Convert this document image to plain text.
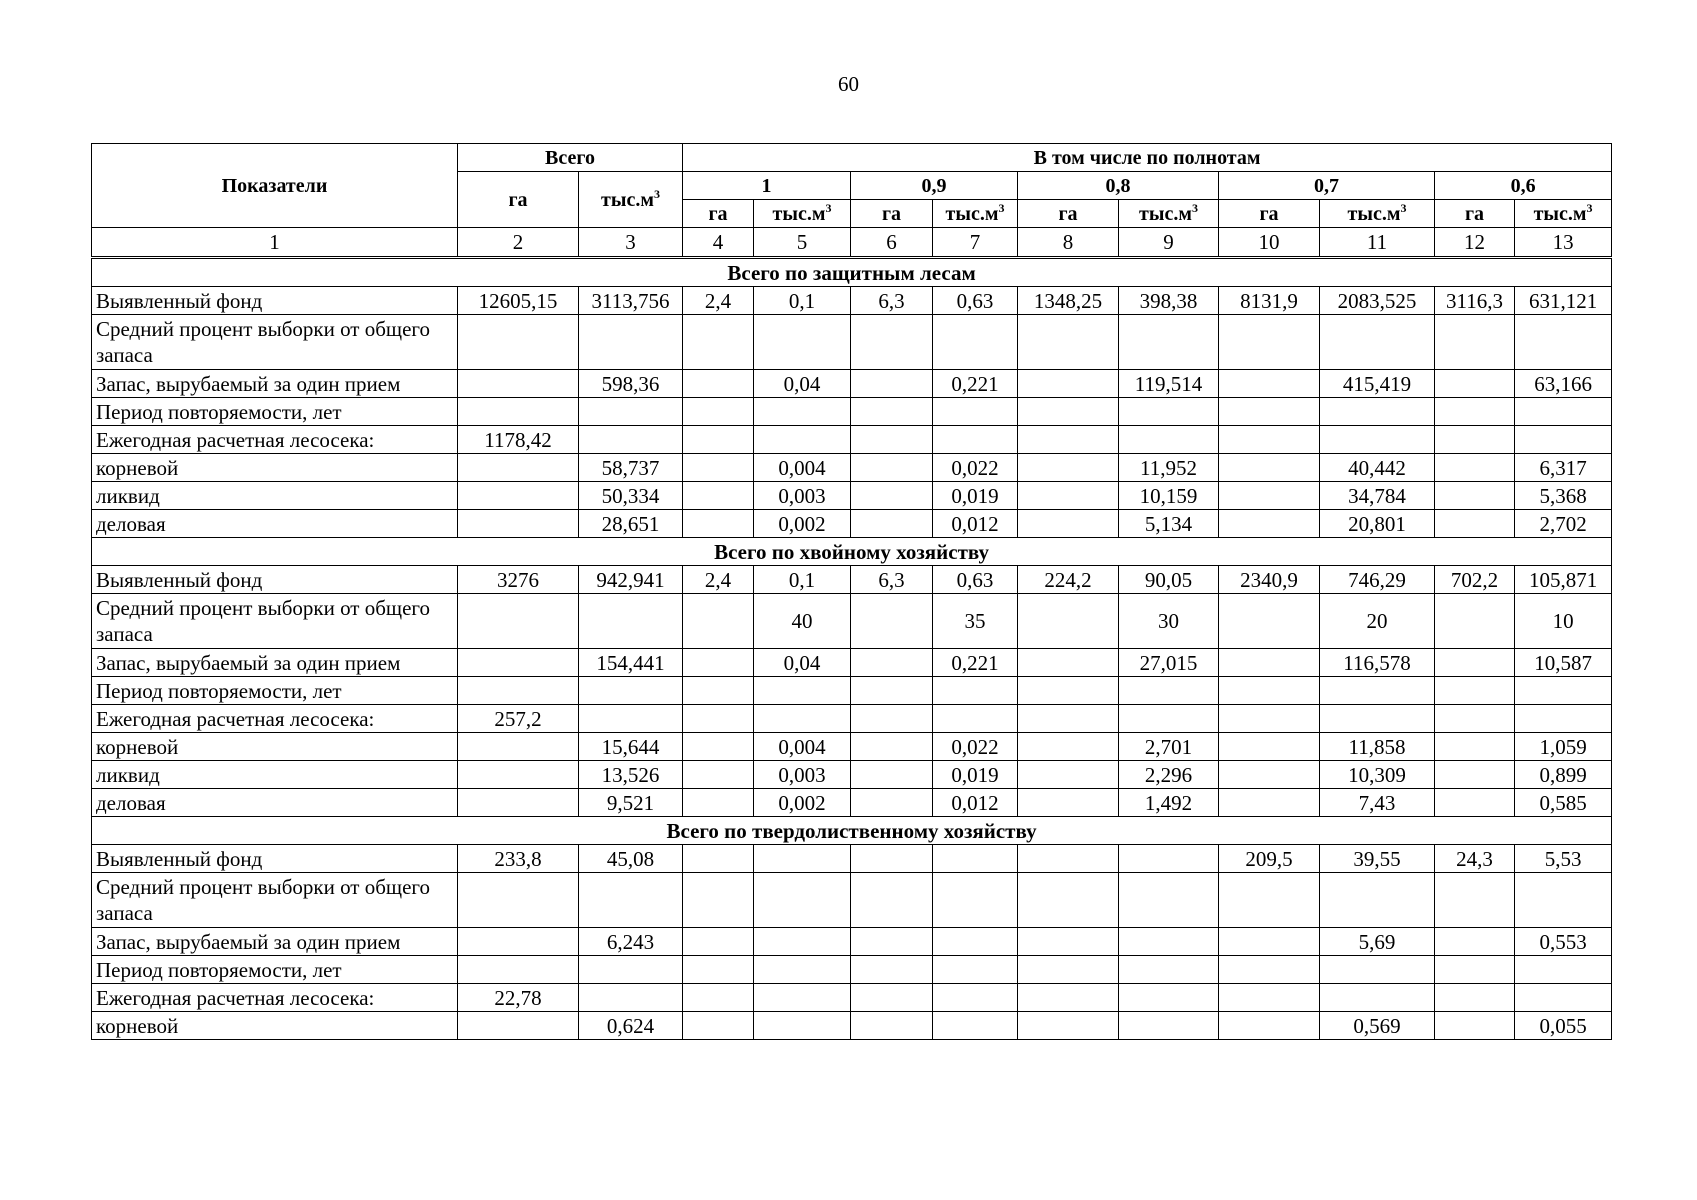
60
Показатели	Всего		В том числе по полнотам									
	га	$тыс.м^3$	1		0,9		0,8		0,7		0,6	
			га	$тыс.м^3$	га	$тыс.м^3$	га	$тыс.м^3$	га	$тыс.м^3$	га	$тыс.м^3$
1	2	3	4	5	6	7	8	9	10	11	12	13
Всего по защитным лесам												
Выявленный фонд	12605,15	3113,756	2,4	0,1	6,3	0,63	1348,25	398,38	8131,9	2083,525	3116,3	631,121
Средний процент выборки от общего запаса												
Запас, вырубаемый за один прием		598,36		0,04		0,221		119,514		415,419		63,166
Период повторяемости, лет												
Ежегодная расчетная лесосека:	1178,42											
корневой		58,737		0,004		0,022		11,952		40,442		6,317
ликвид		50,334		0,003		0,019		10,159		34,784		5,368
деловая		28,651		0,002		0,012		5,134		20,801		2,702
Всего по хвойному хозяйству												
Выявленный фонд	3276	942,941	2,4	0,1	6,3	0,63	224,2	90,05	2340,9	746,29	702,2	105,871
Средний процент выборки от общего запаса				40		35		30		20		10
Запас, вырубаемый за один прием		154,441		0,04		0,221		27,015		116,578		10,587
Период повторяемости, лет												
Ежегодная расчетная лесосека:	257,2											
корневой		15,644		0,004		0,022		2,701		11,858		1,059
ликвид		13,526		0,003		0,019		2,296		10,309		0,899
деловая		9,521		0,002		0,012		1,492		7,43		0,585
Всего по твердолиственному хозяйству												
Выявленный фонд	233,8	45,08							209,5	39,55	24,3	5,53
Средний процент выборки от общего запаса												
Запас, вырубаемый за один прием		6,243								5,69		0,553
Период повторяемости, лет												
Ежегодная расчетная лесосека:	22,78											
корневой		0,624								0,569		0,055
